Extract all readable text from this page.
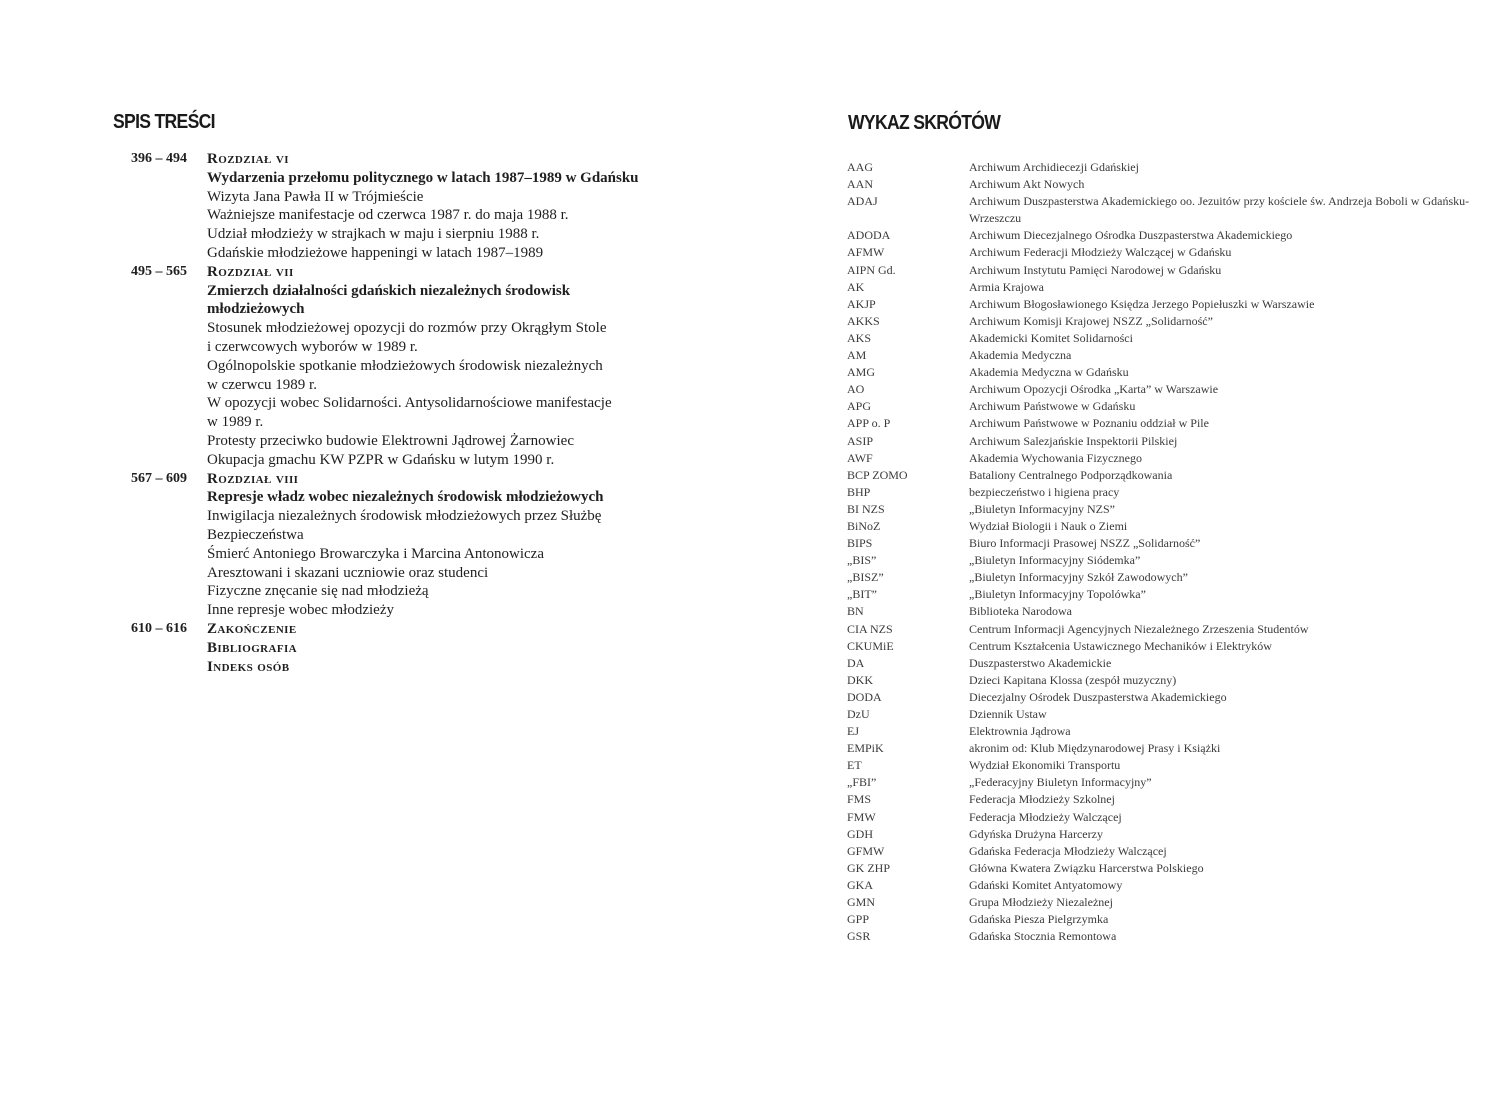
SPIS TREŚCI
396 – 494 Rozdział vi
Wydarzenia przełomu politycznego w latach 1987–1989 w Gdańsku
Wizyta Jana Pawła II w Trójmieście
Ważniejsze manifestacje od czerwca 1987 r. do maja 1988 r.
Udział młodzieży w strajkach w maju i sierpniu 1988 r.
Gdańskie młodzieżowe happeningi w latach 1987–1989
495 – 565 Rozdział vii
Zmierzch działalności gdańskich niezależnych środowisk
młodzieżowych
Stosunek młodzieżowej opozycji do rozmów przy Okrągłym Stole
i czerwcowych wyborów w 1989 r.
Ogólnopolskie spotkanie młodzieżowych środowisk niezależnych
w czerwcu 1989 r.
W opozycji wobec Solidarności. Antysolidarnościowe manifestacje
w 1989 r.
Protesty przeciwko budowie Elektrowni Jądrowej Żarnowiec
Okupacja gmachu KW PZPR w Gdańsku w lutym 1990 r.
567 – 609 Rozdział viii
Represje władz wobec niezależnych środowisk młodzieżowych
Inwigilacja niezależnych środowisk młodzieżowych przez Służbę
Bezpieczeństwa
Śmierć Antoniego Browarczyka i Marcina Antonowicza
Aresztowani i skazani uczniowie oraz studenci
Fizyczne znęcanie się nad młodzieżą
Inne represje wobec młodzieży
610 – 616 Zakończenie
Bibliografia
Indeks osób
WYKAZ SKRÓTÓW
AAG	Archiwum Archidiecezji Gdańskiej
AAN	Archiwum Akt Nowych
ADAJ	Archiwum Duszpasterstwa Akademickiego oo. Jezuitów przy kościele św. Andrzeja Boboli w Gdańsku-Wrzeszczu
ADODA	Archiwum Diecezjalnego Ośrodka Duszpasterstwa Akademickiego
AFMW	Archiwum Federacji Młodzieży Walczącej w Gdańsku
AIPN Gd.	Archiwum Instytutu Pamięci Narodowej w Gdańsku
AK	Armia Krajowa
AKJP	Archiwum Błogosławionego Księdza Jerzego Popiełuszki w Warszawie
AKKS	Archiwum Komisji Krajowej NSZZ „Solidarność”
AKS	Akademicki Komitet Solidarności
AM	Akademia Medyczna
AMG	Akademia Medyczna w Gdańsku
AO	Archiwum Opozycji Ośrodka „Karta” w Warszawie
APG	Archiwum Państwowe w Gdańsku
APP o. P	Archiwum Państwowe w Poznaniu oddział w Pile
ASIP	Archiwum Salezjańskie Inspektorii Pilskiej
AWF	Akademia Wychowania Fizycznego
BCP ZOMO	Bataliony Centralnego Podporządkowania
BHP	bezpieczeństwo i higiena pracy
BI NZS	„Biuletyn Informacyjny NZS”
BiNoZ	Wydział Biologii i Nauk o Ziemi
BIPS	Biuro Informacji Prasowej NSZZ „Solidarność”
„BIS”	„Biuletyn Informacyjny Siódemka”
„BISZ”	„Biuletyn Informacyjny Szkół Zawodowych”
„BIT”	„Biuletyn Informacyjny Topolówka”
BN	Biblioteka Narodowa
CIA NZS	Centrum Informacji Agencyjnych Niezależnego Zrzeszenia Studentów
CKUMiE	Centrum Kształcenia Ustawicznego Mechaników i Elektryków
DA	Duszpasterstwo Akademickie
DKK	Dzieci Kapitana Klossa (zespół muzyczny)
DODA	Diecezjalny Ośrodek Duszpasterstwa Akademickiego
DzU	Dziennik Ustaw
EJ	Elektrownia Jądrowa
EMPiK	akronim od: Klub Międzynarodowej Prasy i Książki
ET	Wydział Ekonomiki Transportu
„FBI”	„Federacyjny Biuletyn Informacyjny”
FMS	Federacja Młodzieży Szkolnej
FMW	Federacja Młodzieży Walczącej
GDH	Gdyńska Drużyna Harcerzy
GFMW	Gdańska Federacja Młodzieży Walczącej
GK ZHP	Główna Kwatera Związku Harcerstwa Polskiego
GKA	Gdański Komitet Antyatomowy
GMN	Grupa Młodzieży Niezależnej
GPP	Gdańska Piesza Pielgrzymka
GSR	Gdańska Stocznia Remontowa
